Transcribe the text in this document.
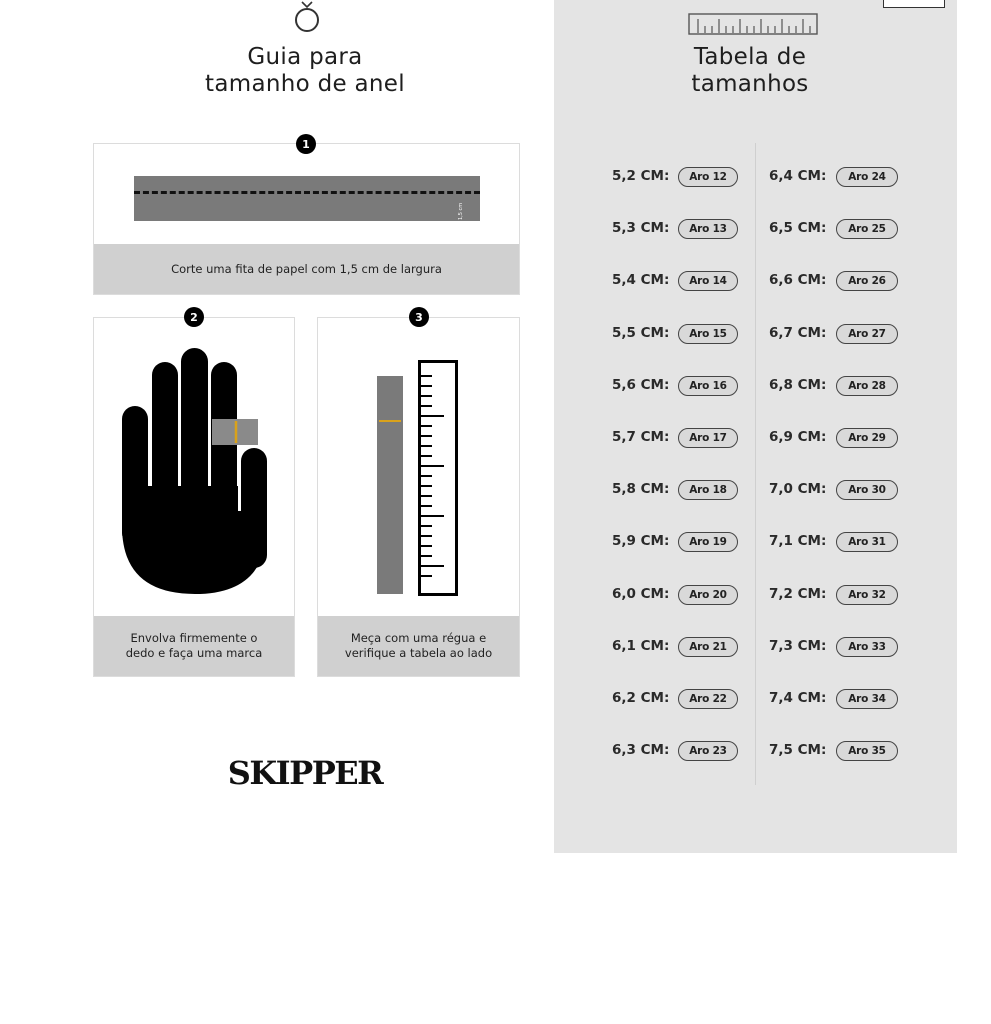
Guia para
tamanho de anel
1,5 cm
Corte uma fita de papel com 1,5 cm de largura
1
Envolva firmemente o
dedo e faça uma marca
2
Meça com uma régua e
verifique a tabela ao lado
3
SKIPPER
Tabela de
tamanhos
5,2 CM:	Aro 12
5,3 CM:	Aro 13
5,4 CM:	Aro 14
5,5 CM:	Aro 15
5,6 CM:	Aro 16
5,7 CM:	Aro 17
5,8 CM:	Aro 18
5,9 CM:	Aro 19
6,0 CM:	Aro 20
6,1 CM:	Aro 21
6,2 CM:	Aro 22
6,3 CM:	Aro 23
6,4 CM:	Aro 24
6,5 CM:	Aro 25
6,6 CM:	Aro 26
6,7 CM:	Aro 27
6,8 CM:	Aro 28
6,9 CM:	Aro 29
7,0 CM:	Aro 30
7,1 CM:	Aro 31
7,2 CM:	Aro 32
7,3 CM:	Aro 33
7,4 CM:	Aro 34
7,5 CM:	Aro 35
